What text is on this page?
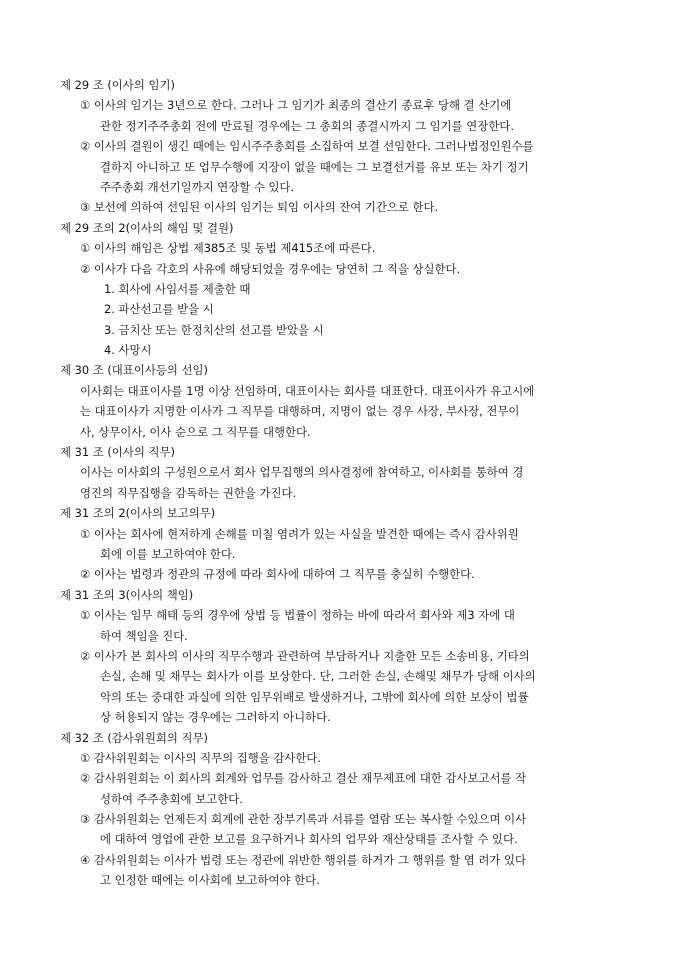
제 29 조 (이사의 임기)
① 이사의 임기는 3년으로 한다. 그러나 그 임기가 최종의 결산기 종료후 당해 결 산기에
관한 정기주주총회 전에 만료될 경우에는 그 총회의 종결시까지 그 임기를 연장한다.
② 이사의 결원이 생긴 때에는 임시주주총회를 소집하여 보결 선임한다. 그러나법정인원수를
결하지 아니하고 또 업무수행에 지장이 없을 때에는 그 보결선거를 유보 또는 차기 정기
주주총회 개선기일까지 연장할 수 있다.
③ 보선에 의하여 선임된 이사의 임기는 퇴임 이사의 잔여 기간으로 한다.
제 29 조의 2(이사의 해임 및 결원)
① 이사의 해임은 상법 제385조 및 동법 제415조에 따른다.
② 이사가 다음 각호의 사유에 해당되었을 경우에는 당연히 그 직을 상실한다.
1. 회사에 사임서를 제출한 때
2. 파산선고를 받을 시
3. 금치산 또는 한정치산의 선고를 받았을 시
4. 사망시
제 30 조 (대표이사등의 선임)
이사회는 대표이사를 1명 이상 선임하며, 대표이사는 회사를 대표한다. 대표이사가 유고시에
는 대표이사가 지명한 이사가 그 직무를 대행하며, 지명이 없는 경우 사장, 부사장, 전무이
사, 상무이사, 이사 순으로 그 직무를 대행한다.
제 31 조 (이사의 직무)
이사는 이사회의 구성원으로서 회사 업무집행의 의사결정에 참여하고, 이사회를 통하여 경
영진의 직무집행을 감독하는 권한을 가진다.
제 31 조의 2(이사의 보고의무)
① 이사는 회사에 현저하게 손해를 미칠 염려가 있는 사실을 발견한 때에는 즉시 감사위원
회에 이를 보고하여야 한다.
② 이사는 법령과 정관의 규정에 따라 회사에 대하여 그 직무를 충실히 수행한다.
제 31 조의 3(이사의 책임)
① 이사는 임무 해태 등의 경우에 상법 등 법률이 정하는 바에 따라서 회사와 제3 자에 대
하여 책임을 진다.
② 이사가 본 회사의 이사의 직무수행과 관련하여 부담하거나 지출한 모든 소송비용, 기타의
손실, 손해 및 채무는 회사가 이를 보상한다. 단, 그러한 손실, 손해및 채무가 당해 이사의
악의 또는 중대한 과실에 의한 임무위배로 발생하거나, 그밖에 회사에 의한 보상이 법률
상 허용되지 않는 경우에는 그러하지 아니하다.
제 32 조 (감사위원회의 직무)
① 감사위원회는 이사의 직무의 집행을 감사한다.
② 감사위원회는 이 회사의 회계와 업무를 감사하고 결산 재무제표에 대한 감사보고서를 작
성하여 주주총회에 보고한다.
③ 감사위원회는 언제든지 회계에 관한 장부기록과 서류를 열람 또는 복사할 수있으며 이사
에 대하여 영업에 관한 보고를 요구하거나 회사의 업무와 재산상태를 조사할 수 있다.
④ 감사위원회는 이사가 법령 또는 정관에 위반한 행위를 하거가 그 행위를 할 염 려가 있다
고 인정한 때에는 이사회에 보고하여야 한다.
